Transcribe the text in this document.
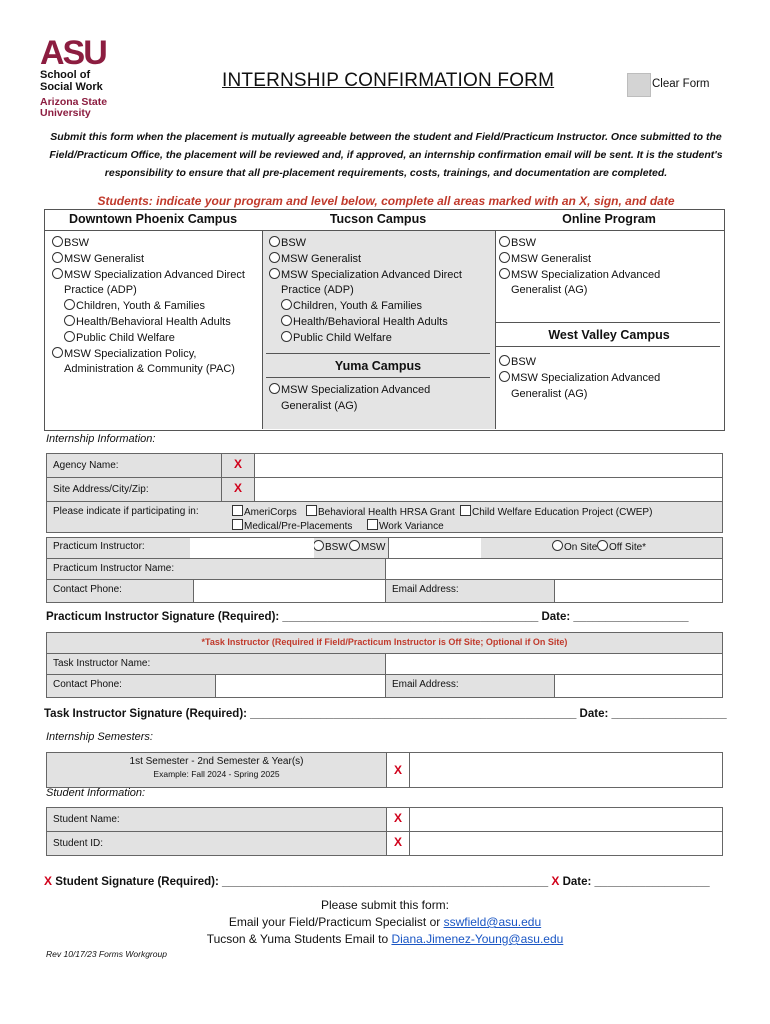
ASU
School of
Social Work
Arizona State
University
INTERNSHIP CONFIRMATION FORM	Clear Form
Submit this form when the placement is mutually agreeable between the student and Field/Practicum Instructor. Once submitted to the Field/Practicum Office, the placement will be reviewed and, if approved, an internship confirmation email will be sent. It is the student's responsibility to ensure that all pre-placement requirements, costs, trainings, and documentation are completed.
Students: indicate your program and level below, complete all areas marked with an X, sign, and date
Downtown Phoenix Campus	Tucson Campus	Online Program
BSW
MSW Generalist
MSW Specialization Advanced Direct
Practice (ADP)
Children, Youth & Families
Health/Behavioral Health Adults
Public Child Welfare
MSW Specialization Policy,
Administration & Community (PAC)
BSW
MSW Generalist
MSW Specialization Advanced Direct
Practice (ADP)
Children, Youth & Families
Health/Behavioral Health Adults
Public Child Welfare
Yuma Campus
MSW Specialization Advanced
Generalist (AG)
BSW
MSW Generalist
MSW Specialization Advanced
Generalist (AG)
West Valley Campus
BSW
MSW Specialization Advanced
Generalist (AG)
Internship Information:
Agency Name:	X
Site Address/City/Zip:	X
Please indicate if participating in:	AmeriCorps	Behavioral Health HRSA Grant	Child Welfare Education Project (CWEP)
Medical/Pre-Placements	Work Variance
Practicum Instructor:	BSW	MSW	On Site	Off Site*
Practicum Instructor Name:
Contact Phone:	Email Address:
Practicum Instructor Signature (Required): ________________________________________ Date: __________________
*Task Instructor (Required if Field/Practicum Instructor is Off Site; Optional if On Site)
Task Instructor Name:
Contact Phone:	Email Address:
Task Instructor Signature (Required): ___________________________________________________ Date: __________________
Internship Semesters:
1st Semester - 2nd Semester & Year(s)
Example: Fall 2024 - Spring 2025	X
Student Information:
Student Name:	X
Student ID:	X
X Student Signature (Required): ___________________________________________________ X Date: __________________
Please submit this form:
Email your Field/Practicum Specialist or sswfield@asu.edu
Tucson & Yuma Students Email to Diana.Jimenez-Young@asu.edu
Rev 10/17/23 Forms Workgroup
